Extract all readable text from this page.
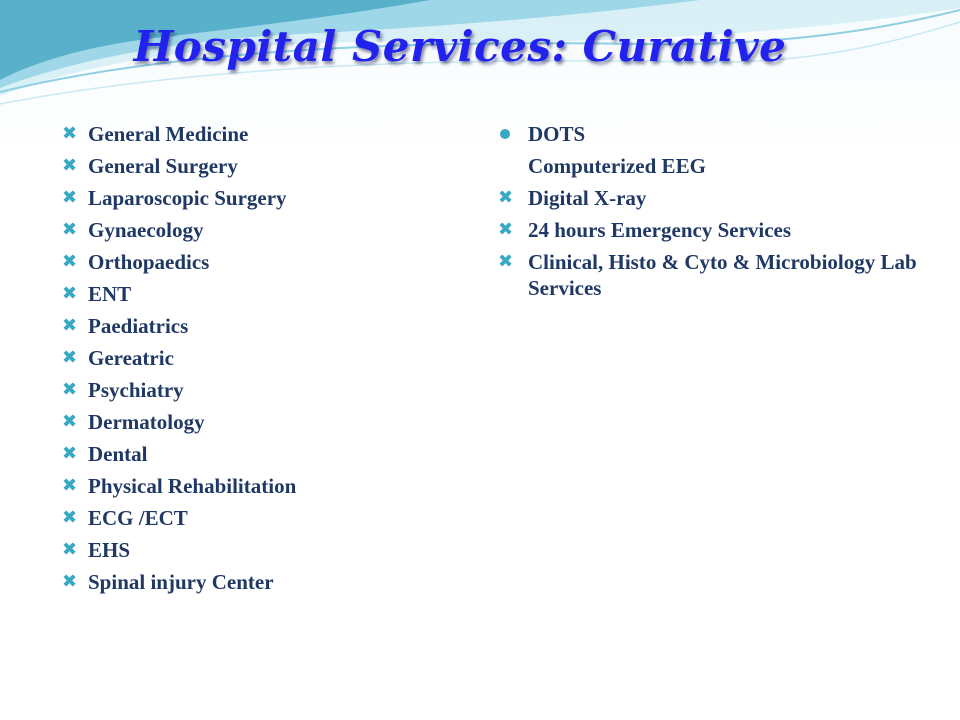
Hospital Services: Curative
✖ General Medicine
✖ General Surgery
✖ Laparoscopic Surgery
✖ Gynaecology
✖ Orthopaedics
✖ ENT
✖ Paediatrics
✖ Gereatric
✖ Psychiatry
✖ Dermatology
✖ Dental
✖ Physical Rehabilitation
✖ ECG /ECT
✖ EHS
✖ Spinal injury Center
DOTS
Computerized EEG
✖ Digital X-ray
✖ 24 hours Emergency Services
✖ Clinical, Histo & Cyto & Microbiology Lab Services
